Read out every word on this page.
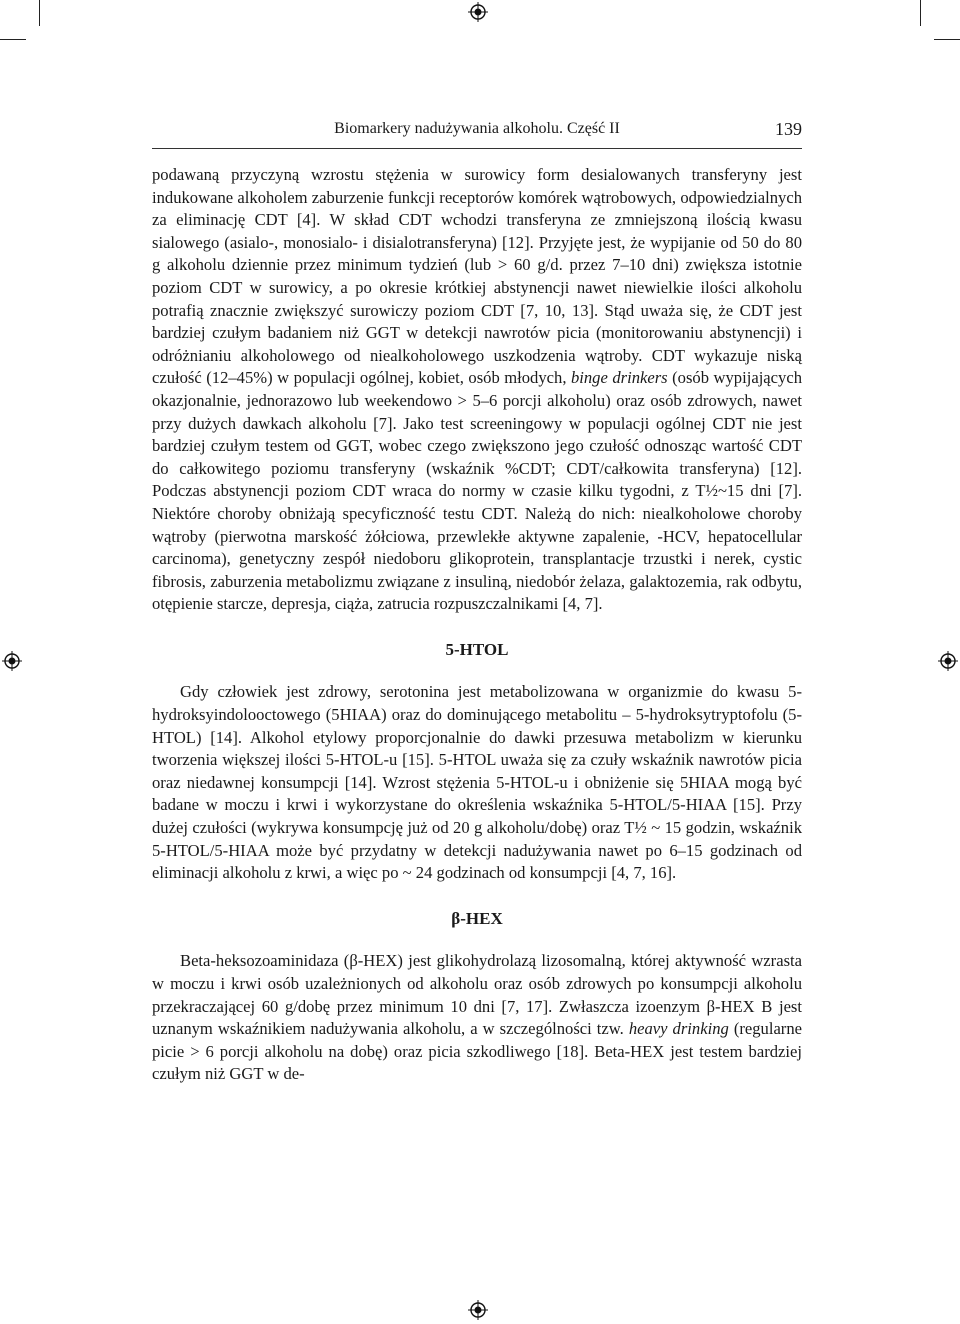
Biomarkery nadużywania alkoholu. Część II	139

podawaną przyczyną wzrostu stężenia w surowicy form desialowanych transferyny jest indukowane alkoholem zaburzenie funkcji receptorów komórek wątrobowych, odpowiedzialnych za eliminację CDT [4]. W skład CDT wchodzi transferyna ze zmniejszoną ilością kwasu sialowego (asialo-, monosialo- i disialotransferyna) [12]. Przyjęte jest, że wypijanie od 50 do 80 g alkoholu dziennie przez minimum tydzień (lub > 60 g/d. przez 7–10 dni) zwiększa istotnie poziom CDT w surowicy, a po okresie krótkiej abstynencji nawet niewielkie ilości alkoholu potrafią znacznie zwiększyć surowiczy poziom CDT [7, 10, 13]. Stąd uważa się, że CDT jest bardziej czułym badaniem niż GGT w detekcji nawrotów picia (monitorowaniu abstynencji) i odróżnianiu alkoholowego od niealkoholowego uszkodzenia wątroby. CDT wykazuje niską czułość (12–45%) w populacji ogólnej, kobiet, osób młodych, binge drinkers (osób wypijających okazjonalnie, jednorazowo lub weekendowo > 5–6 porcji alkoholu) oraz osób zdrowych, nawet przy dużych dawkach alkoholu [7]. Jako test screeningowy w populacji ogólnej CDT nie jest bardziej czułym testem od GGT, wobec czego zwiększono jego czułość odnosząc wartość CDT do całkowitego poziomu transferyny (wskaźnik %CDT; CDT/całkowita transferyna) [12]. Podczas abstynencji poziom CDT wraca do normy w czasie kilku tygodni, z T½~15 dni [7]. Niektóre choroby obniżają specyficzność testu CDT. Należą do nich: niealkoholowe choroby wątroby (pierwotna marskość żółciowa, przewlekłe aktywne zapalenie, -HCV, hepatocellular carcinoma), genetyczny zespół niedoboru glikoprotein, transplantacje trzustki i nerek, cystic fibrosis, zaburzenia metabolizmu związane z insuliną, niedobór żelaza, galaktozemia, rak odbytu, otępienie starcze, depresja, ciąża, zatrucia rozpuszczalnikami [4, 7].

5-HTOL

Gdy człowiek jest zdrowy, serotonina jest metabolizowana w organizmie do kwasu 5-hydroksyindolooctowego (5HIAA) oraz do dominującego metabolitu – 5-hydroksytryptofolu (5-HTOL) [14]. Alkohol etylowy proporcjonalnie do dawki przesuwa metabolizm w kierunku tworzenia większej ilości 5-HTOL-u [15]. 5-HTOL uważa się za czuły wskaźnik nawrotów picia oraz niedawnej konsumpcji [14]. Wzrost stężenia 5-HTOL-u i obniżenie się 5HIAA mogą być badane w moczu i krwi i wykorzystane do określenia wskaźnika 5-HTOL/5-HIAA [15]. Przy dużej czułości (wykrywa konsumpcję już od 20 g alkoholu/dobę) oraz T½ ~ 15 godzin, wskaźnik 5-HTOL/5-HIAA może być przydatny w detekcji nadużywania nawet po 6–15 godzinach od eliminacji alkoholu z krwi, a więc po ~ 24 godzinach od konsumpcji [4, 7, 16].

β-HEX

Beta-heksozoaminidaza (β-HEX) jest glikohydrolazą lizosomalną, której aktywność wzrasta w moczu i krwi osób uzależnionych od alkoholu oraz osób zdrowych po konsumpcji alkoholu przekraczającej 60 g/dobę przez minimum 10 dni [7, 17]. Zwłaszcza izoenzym β-HEX B jest uznanym wskaźnikiem nadużywania alkoholu, a w szczególności tzw. heavy drinking (regularne picie > 6 porcji alkoholu na dobę) oraz picia szkodliwego [18]. Beta-HEX jest testem bardziej czułym niż GGT w de-
